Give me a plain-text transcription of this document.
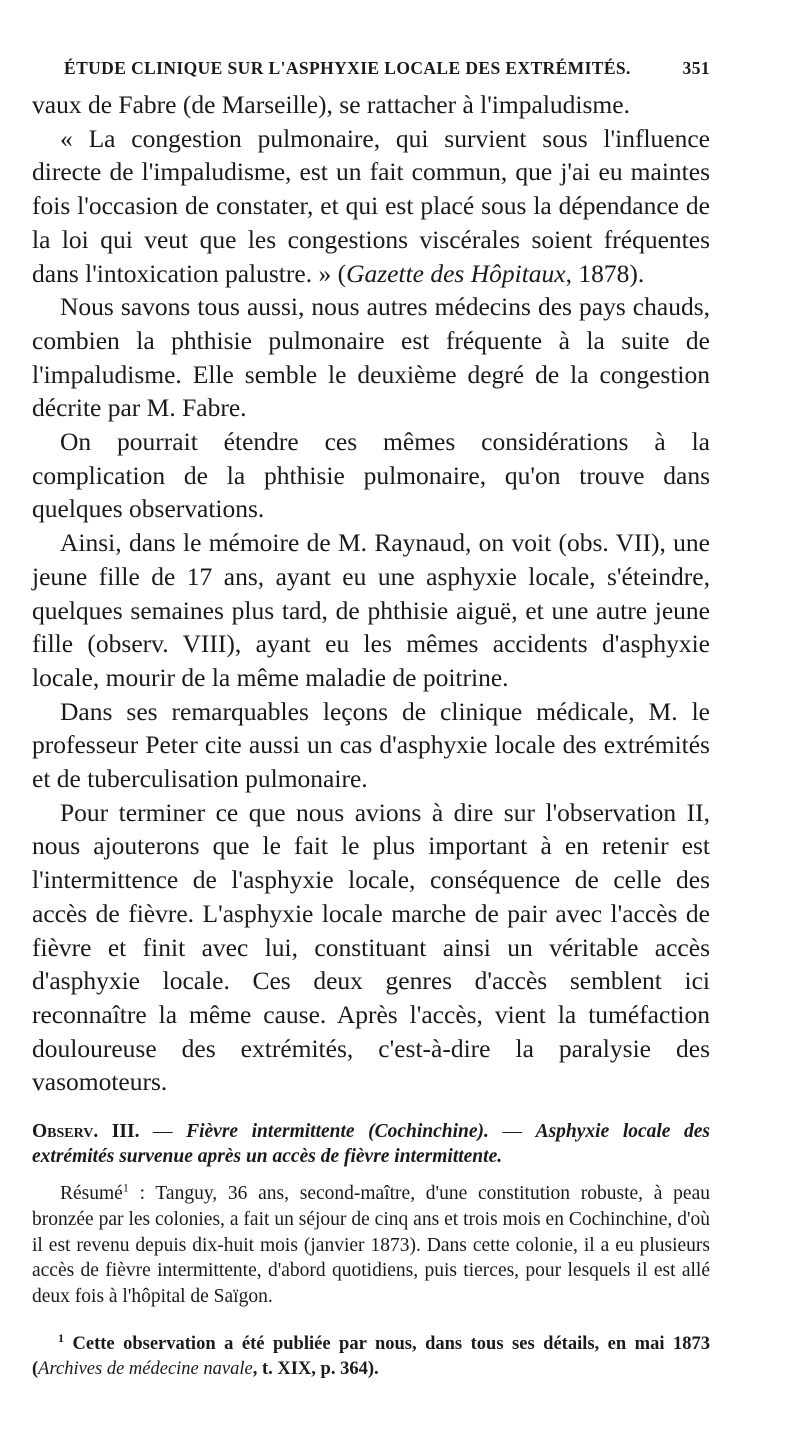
ÉTUDE CLINIQUE SUR L'ASPHYXIE LOCALE DES EXTRÉMITÉS.	351

vaux de Fabre (de Marseille), se rattacher à l'impaludisme.

« La congestion pulmonaire, qui survient sous l'influence directe de l'impaludisme, est un fait commun, que j'ai eu maintes fois l'occasion de constater, et qui est placé sous la dépendance de la loi qui veut que les congestions viscérales soient fréquentes dans l'intoxication palustre. » (Gazette des Hôpitaux, 1878).

Nous savons tous aussi, nous autres médecins des pays chauds, combien la phthisie pulmonaire est fréquente à la suite de l'impaludisme. Elle semble le deuxième degré de la congestion décrite par M. Fabre.

On pourrait étendre ces mêmes considérations à la complication de la phthisie pulmonaire, qu'on trouve dans quelques observations.

Ainsi, dans le mémoire de M. Raynaud, on voit (obs. VII), une jeune fille de 17 ans, ayant eu une asphyxie locale, s'éteindre, quelques semaines plus tard, de phthisie aiguë, et une autre jeune fille (observ. VIII), ayant eu les mêmes accidents d'asphyxie locale, mourir de la même maladie de poitrine.

Dans ses remarquables leçons de clinique médicale, M. le professeur Peter cite aussi un cas d'asphyxie locale des extrémités et de tuberculisation pulmonaire.

Pour terminer ce que nous avions à dire sur l'observation II, nous ajouterons que le fait le plus important à en retenir est l'intermittence de l'asphyxie locale, conséquence de celle des accès de fièvre. L'asphyxie locale marche de pair avec l'accès de fièvre et finit avec lui, constituant ainsi un véritable accès d'asphyxie locale. Ces deux genres d'accès semblent ici reconnaître la même cause. Après l'accès, vient la tuméfaction douloureuse des extrémités, c'est-à-dire la paralysie des vasomoteurs.

Observ. III. — Fièvre intermittente (Cochinchine). — Asphyxie locale des extrémités survenue après un accès de fièvre intermittente.

Résumé$^1$ : Tanguy, 36 ans, second-maître, d'une constitution robuste, à peau bronzée par les colonies, a fait un séjour de cinq ans et trois mois en Cochinchine, d'où il est revenu depuis dix-huit mois (janvier 1873). Dans cette colonie, il a eu plusieurs accès de fièvre intermittente, d'abord quotidiens, puis tierces, pour lesquels il est allé deux fois à l'hôpital de Saïgon.

$^1$ Cette observation a été publiée par nous, dans tous ses détails, en mai 1873 (Archives de médecine navale, t. XIX, p. 364).
